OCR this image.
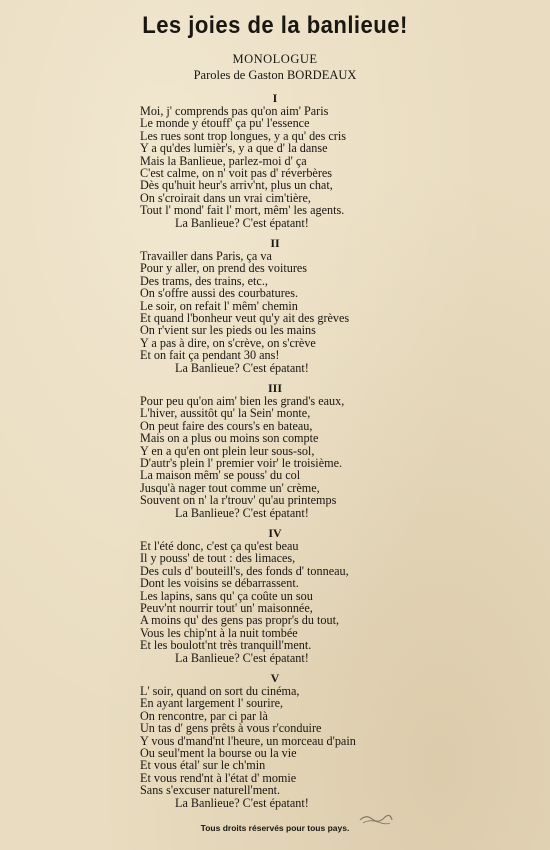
Les joies de la banlieue!
MONOLOGUE
Paroles de Gaston BORDEAUX
I
Moi, j' comprends pas qu'on aim' Paris
Le monde y étouff' ça pu' l'essence
Les rues sont trop longues, y a qu' des cris
Y a qu'des lumièr's, y a que d' la danse
Mais la Banlieue, parlez-moi d' ça
C'est calme, on n' voit pas d' réverbères
Dès qu'huit heur's arriv'nt, plus un chat,
On s'croirait dans un vrai cim'tière,
Tout l' mond' fait l' mort, mêm' les agents.
La Banlieue? C'est épatant!
II
Travailler dans Paris, ça va
Pour y aller, on prend des voitures
Des trams, des trains, etc.,
On s'offre aussi des courbatures.
Le soir, on refait l' mêm' chemin
Et quand l'bonheur veut qu'y ait des grèves
On r'vient sur les pieds ou les mains
Y a pas à dire, on s'crève, on s'crève
Et on fait ça pendant 30 ans!
La Banlieue? C'est épatant!
III
Pour peu qu'on aim' bien les grand's eaux,
L'hiver, aussitôt qu' la Sein' monte,
On peut faire des cours's en bateau,
Mais on a plus ou moins son compte
Y en a qu'en ont plein leur sous-sol,
D'autr's plein l' premier voir' le troisième.
La maison mêm' se pouss' du col
Jusqu'à nager tout comme un' crème,
Souvent on n' la r'trouv' qu'au printemps
La Banlieue? C'est épatant!
IV
Et l'été donc, c'est ça qu'est beau
Il y pouss' de tout : des limaces,
Des culs d' bouteill's, des fonds d' tonneau,
Dont les voisins se débarrassent.
Les lapins, sans qu' ça coûte un sou
Peuv'nt nourrir tout' un' maisonnée,
A moins qu' des gens pas propr's du tout,
Vous les chip'nt à la nuit tombée
Et les boulott'nt très tranquill'ment.
La Banlieue? C'est épatant!
V
L' soir, quand on sort du cinéma,
En ayant largement l' sourire,
On rencontre, par ci par là
Un tas d' gens prêts à vous r'conduire
Y vous d'mand'nt l'heure, un morceau d'pain
Ou seul'ment la bourse ou la vie
Et vous étal' sur le ch'min
Et vous rend'nt à l'état d' momie
Sans s'excuser naturell'ment.
La Banlieue? C'est épatant!
Tous droits réservés pour tous pays.
